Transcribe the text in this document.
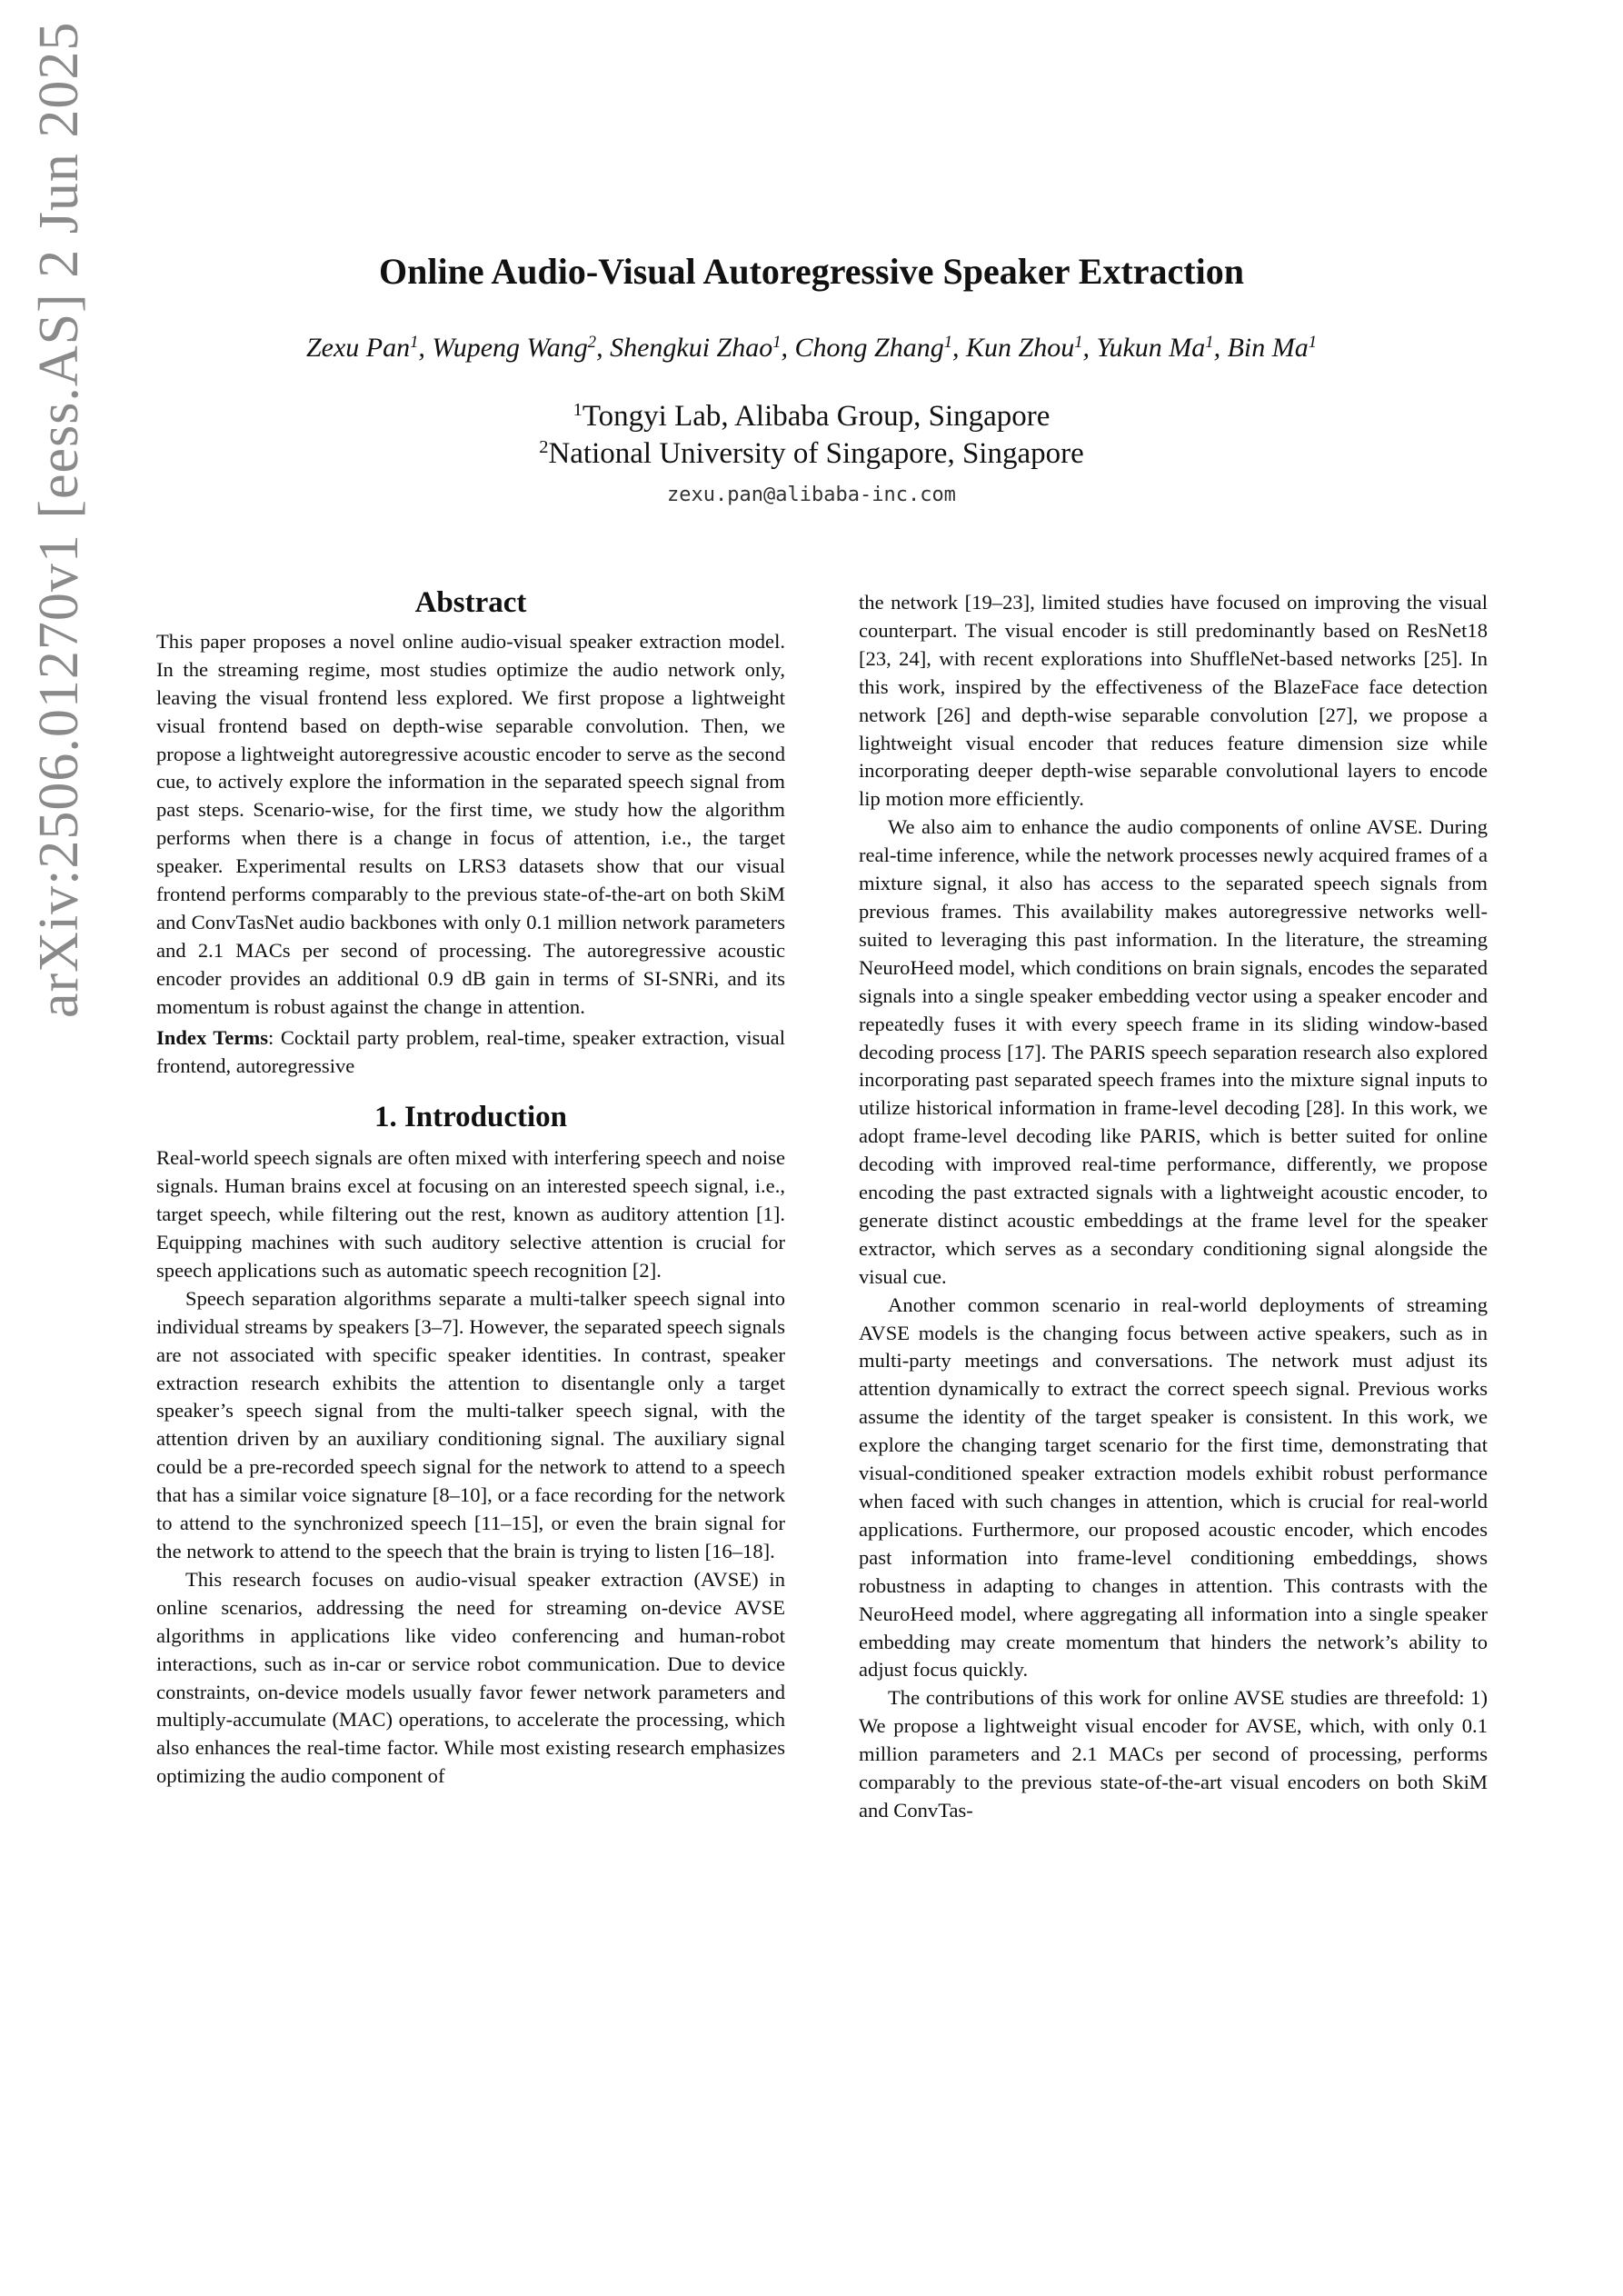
arXiv:2506.01270v1 [eess.AS] 2 Jun 2025	Online Audio-Visual Autoregressive Speaker Extraction
Zexu Pan$^1$, Wupeng Wang$^2$, Shengkui Zhao$^1$, Chong Zhang$^1$, Kun Zhou$^1$, Yukun Ma$^1$, Bin Ma$^1$
$^1$Tongyi Lab, Alibaba Group, Singapore
$^2$National University of Singapore, Singapore
zexu.pan@alibaba-inc.com
Abstract

This paper proposes a novel online audio-visual speaker extraction model. In the streaming regime, most studies optimize the audio network only, leaving the visual frontend less explored. We first propose a lightweight visual frontend based on depth-wise separable convolution. Then, we propose a lightweight autoregressive acoustic encoder to serve as the second cue, to actively explore the information in the separated speech signal from past steps. Scenario-wise, for the first time, we study how the algorithm performs when there is a change in focus of attention, i.e., the target speaker. Experimental results on LRS3 datasets show that our visual frontend performs comparably to the previous state-of-the-art on both SkiM and ConvTasNet audio backbones with only 0.1 million network parameters and 2.1 MACs per second of processing. The autoregressive acoustic encoder provides an additional 0.9 dB gain in terms of SI-SNRi, and its momentum is robust against the change in attention.

Index Terms: Cocktail party problem, real-time, speaker extraction, visual frontend, autoregressive

1. Introduction

Real-world speech signals are often mixed with interfering speech and noise signals. Human brains excel at focusing on an interested speech signal, i.e., target speech, while filtering out the rest, known as auditory attention [1]. Equipping machines with such auditory selective attention is crucial for speech applications such as automatic speech recognition [2].

Speech separation algorithms separate a multi-talker speech signal into individual streams by speakers [3–7]. However, the separated speech signals are not associated with specific speaker identities. In contrast, speaker extraction research exhibits the attention to disentangle only a target speaker’s speech signal from the multi-talker speech signal, with the attention driven by an auxiliary conditioning signal. The auxiliary signal could be a pre-recorded speech signal for the network to attend to a speech that has a similar voice signature [8–10], or a face recording for the network to attend to the synchronized speech [11–15], or even the brain signal for the network to attend to the speech that the brain is trying to listen [16–18].

This research focuses on audio-visual speaker extraction (AVSE) in online scenarios, addressing the need for streaming on-device AVSE algorithms in applications like video conferencing and human-robot interactions, such as in-car or service robot communication. Due to device constraints, on-device models usually favor fewer network parameters and multiply-accumulate (MAC) operations, to accelerate the processing, which also enhances the real-time factor. While most existing research emphasizes optimizing the audio component of

the network [19–23], limited studies have focused on improving the visual counterpart. The visual encoder is still predominantly based on ResNet18 [23, 24], with recent explorations into ShuffleNet-based networks [25]. In this work, inspired by the effectiveness of the BlazeFace face detection network [26] and depth-wise separable convolution [27], we propose a lightweight visual encoder that reduces feature dimension size while incorporating deeper depth-wise separable convolutional layers to encode lip motion more efficiently.

We also aim to enhance the audio components of online AVSE. During real-time inference, while the network processes newly acquired frames of a mixture signal, it also has access to the separated speech signals from previous frames. This availability makes autoregressive networks well-suited to leveraging this past information. In the literature, the streaming NeuroHeed model, which conditions on brain signals, encodes the separated signals into a single speaker embedding vector using a speaker encoder and repeatedly fuses it with every speech frame in its sliding window-based decoding process [17]. The PARIS speech separation research also explored incorporating past separated speech frames into the mixture signal inputs to utilize historical information in frame-level decoding [28]. In this work, we adopt frame-level decoding like PARIS, which is better suited for online decoding with improved real-time performance, differently, we propose encoding the past extracted signals with a lightweight acoustic encoder, to generate distinct acoustic embeddings at the frame level for the speaker extractor, which serves as a secondary conditioning signal alongside the visual cue.

Another common scenario in real-world deployments of streaming AVSE models is the changing focus between active speakers, such as in multi-party meetings and conversations. The network must adjust its attention dynamically to extract the correct speech signal. Previous works assume the identity of the target speaker is consistent. In this work, we explore the changing target scenario for the first time, demonstrating that visual-conditioned speaker extraction models exhibit robust performance when faced with such changes in attention, which is crucial for real-world applications. Furthermore, our proposed acoustic encoder, which encodes past information into frame-level conditioning embeddings, shows robustness in adapting to changes in attention. This contrasts with the NeuroHeed model, where aggregating all information into a single speaker embedding may create momentum that hinders the network’s ability to adjust focus quickly.

The contributions of this work for online AVSE studies are threefold: 1) We propose a lightweight visual encoder for AVSE, which, with only 0.1 million parameters and 2.1 MACs per second of processing, performs comparably to the previous state-of-the-art visual encoders on both SkiM and ConvTas-
